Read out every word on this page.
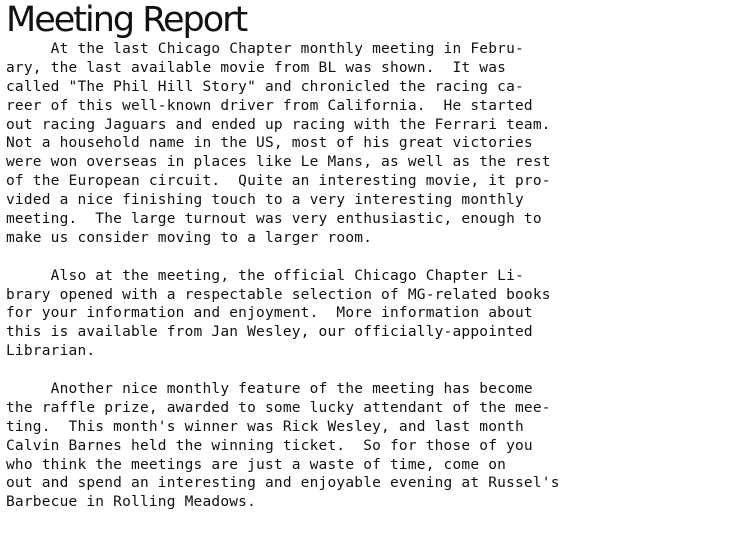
Meeting Report
At the last Chicago Chapter monthly meeting in Febru-
ary, the last available movie from BL was shown.  It was
called "The Phil Hill Story" and chronicled the racing ca-
reer of this well-known driver from California.  He started
out racing Jaguars and ended up racing with the Ferrari team.
Not a household name in the US, most of his great victories
were won overseas in places like Le Mans, as well as the rest
of the European circuit.  Quite an interesting movie, it pro-
vided a nice finishing touch to a very interesting monthly
meeting.  The large turnout was very enthusiastic, enough to
make us consider moving to a larger room.
Also at the meeting, the official Chicago Chapter Li-
brary opened with a respectable selection of MG-related books
for your information and enjoyment.  More information about
this is available from Jan Wesley, our officially-appointed
Librarian.
Another nice monthly feature of the meeting has become
the raffle prize, awarded to some lucky attendant of the mee-
ting.  This month's winner was Rick Wesley, and last month
Calvin Barnes held the winning ticket.  So for those of you
who think the meetings are just a waste of time, come on
out and spend an interesting and enjoyable evening at Russel's
Barbecue in Rolling Meadows.
